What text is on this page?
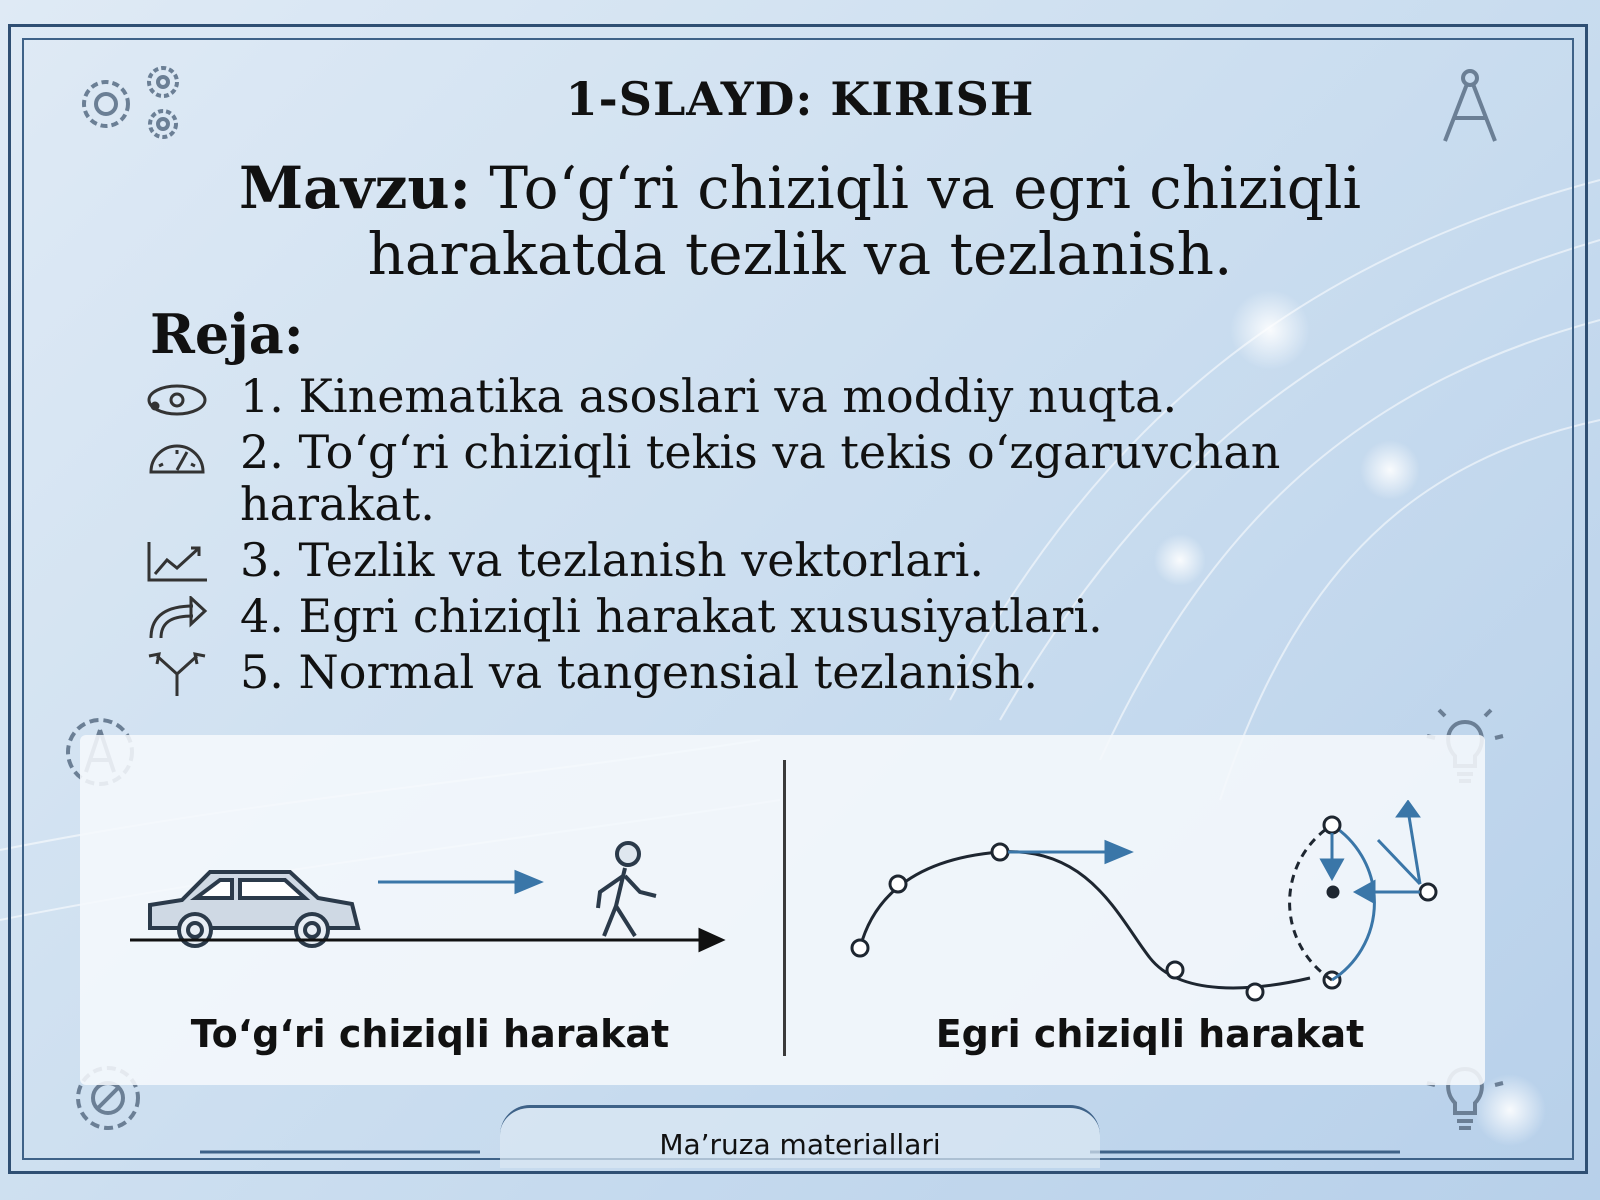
1-SLAYD: KIRISH
Mavzu: To‘g‘ri chiziqli va egri chiziqli harakatda tezlik va tezlanish.
Reja:
1. Kinematika asoslari va moddiy nuqta.
2. To‘g‘ri chiziqli tekis va tekis o‘zgaruvchan harakat.
3. Tezlik va tezlanish vektorlari.
4. Egri chiziqli harakat xususiyatlari.
5. Normal va tangensial tezlanish.
To‘g‘ri chiziqli harakat	Egri chiziqli harakat
Ma’ruza materiallari
